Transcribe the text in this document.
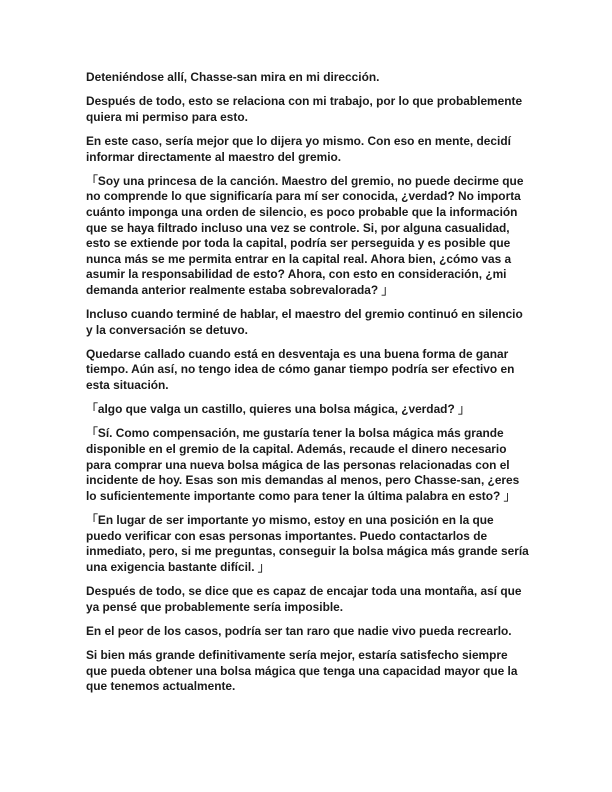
Deteniéndose allí, Chasse-san mira en mi dirección.

Después de todo, esto se relaciona con mi trabajo, por lo que probablemente quiera mi permiso para esto.

En este caso, sería mejor que lo dijera yo mismo. Con eso en mente, decidí informar directamente al maestro del gremio.

「Soy una princesa de la canción. Maestro del gremio, no puede decirme que no comprende lo que significaría para mí ser conocida, ¿verdad? No importa cuánto imponga una orden de silencio, es poco probable que la información que se haya filtrado incluso una vez se controle. Si, por alguna casualidad, esto se extiende por toda la capital, podría ser perseguida y es posible que nunca más se me permita entrar en la capital real. Ahora bien, ¿cómo vas a asumir la responsabilidad de esto? Ahora, con esto en consideración, ¿mi demanda anterior realmente estaba sobrevalorada? 」

Incluso cuando terminé de hablar, el maestro del gremio continuó en silencio y la conversación se detuvo.

Quedarse callado cuando está en desventaja es una buena forma de ganar tiempo. Aún así, no tengo idea de cómo ganar tiempo podría ser efectivo en esta situación.

「algo que valga un castillo, quieres una bolsa mágica, ¿verdad? 」

「Sí. Como compensación, me gustaría tener la bolsa mágica más grande disponible en el gremio de la capital. Además, recaude el dinero necesario para comprar una nueva bolsa mágica de las personas relacionadas con el incidente de hoy. Esas son mis demandas al menos, pero Chasse-san, ¿eres lo suficientemente importante como para tener la última palabra en esto? 」

「En lugar de ser importante yo mismo, estoy en una posición en la que puedo verificar con esas personas importantes. Puedo contactarlos de inmediato, pero, si me preguntas, conseguir la bolsa mágica más grande sería una exigencia bastante difícil. 」

Después de todo, se dice que es capaz de encajar toda una montaña, así que ya pensé que probablemente sería imposible.

En el peor de los casos, podría ser tan raro que nadie vivo pueda recrearlo.

Si bien más grande definitivamente sería mejor, estaría satisfecho siempre que pueda obtener una bolsa mágica que tenga una capacidad mayor que la que tenemos actualmente.
